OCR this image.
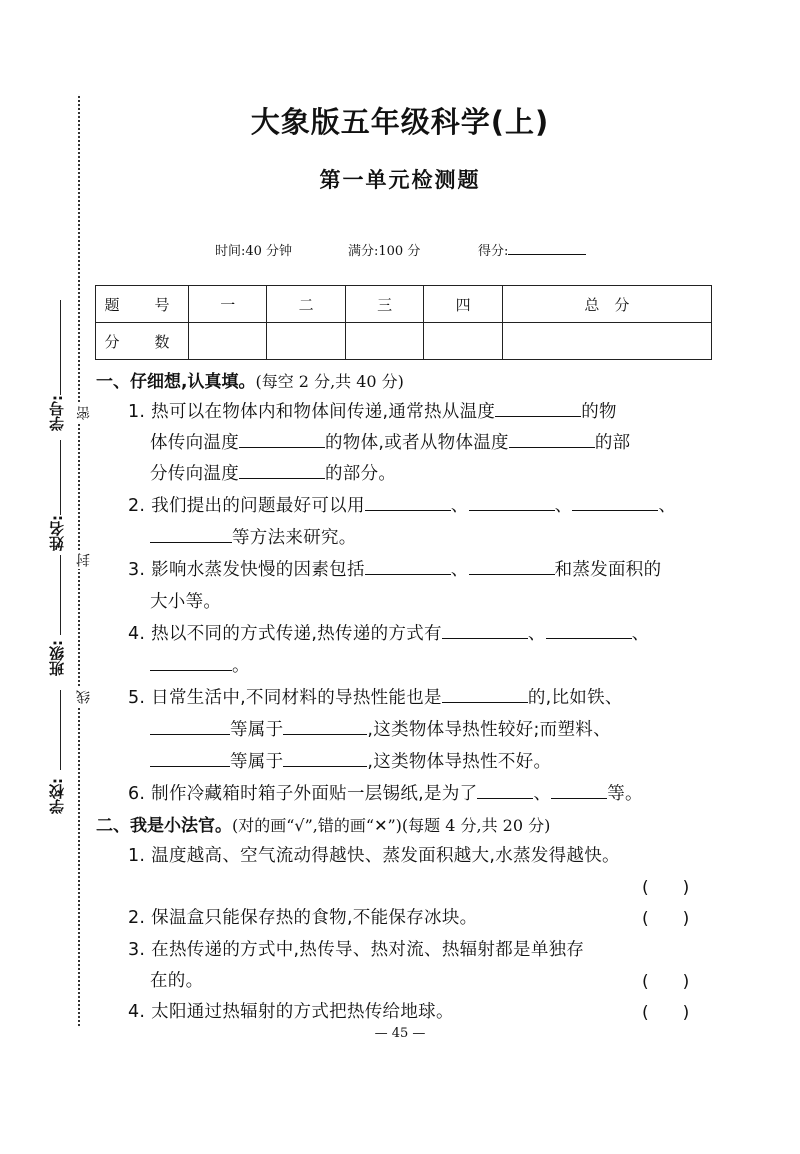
学号:
姓名:
班级:
学校:
密
封
线
大象版五年级科学(上)
第一单元检测题
时间:40 分钟	满分:100 分	得分:
题　号	一	二	三	四	总　分
分　数					
一、仔细想,认真填。(每空 2 分,共 40 分)
1. 热可以在物体内和物体间传递,通常热从温度	的物
体传向温度	的物体,或者从物体温度	的部
分传向温度	的部分。
2. 我们提出的问题最好可以用	、	、	、
等方法来研究。
3. 影响水蒸发快慢的因素包括	、	和蒸发面积的
大小等。
4. 热以不同的方式传递,热传递的方式有	、	、
。
5. 日常生活中,不同材料的导热性能也是	的,比如铁、
等属于	,这类物体导热性较好;而塑料、
等属于	,这类物体导热性不好。
6. 制作冷藏箱时箱子外面贴一层锡纸,是为了	、	等。
二、我是小法官。(对的画“√”,错的画“✕”)(每题 4 分,共 20 分)
1. 温度越高、空气流动得越快、蒸发面积越大,水蒸发得越快。
(　　)
2. 保温盒只能保存热的食物,不能保存冰块。	(　　)
3. 在热传递的方式中,热传导、热对流、热辐射都是单独存
在的。	(　　)
4. 太阳通过热辐射的方式把热传给地球。	(　　)
— 45 —
